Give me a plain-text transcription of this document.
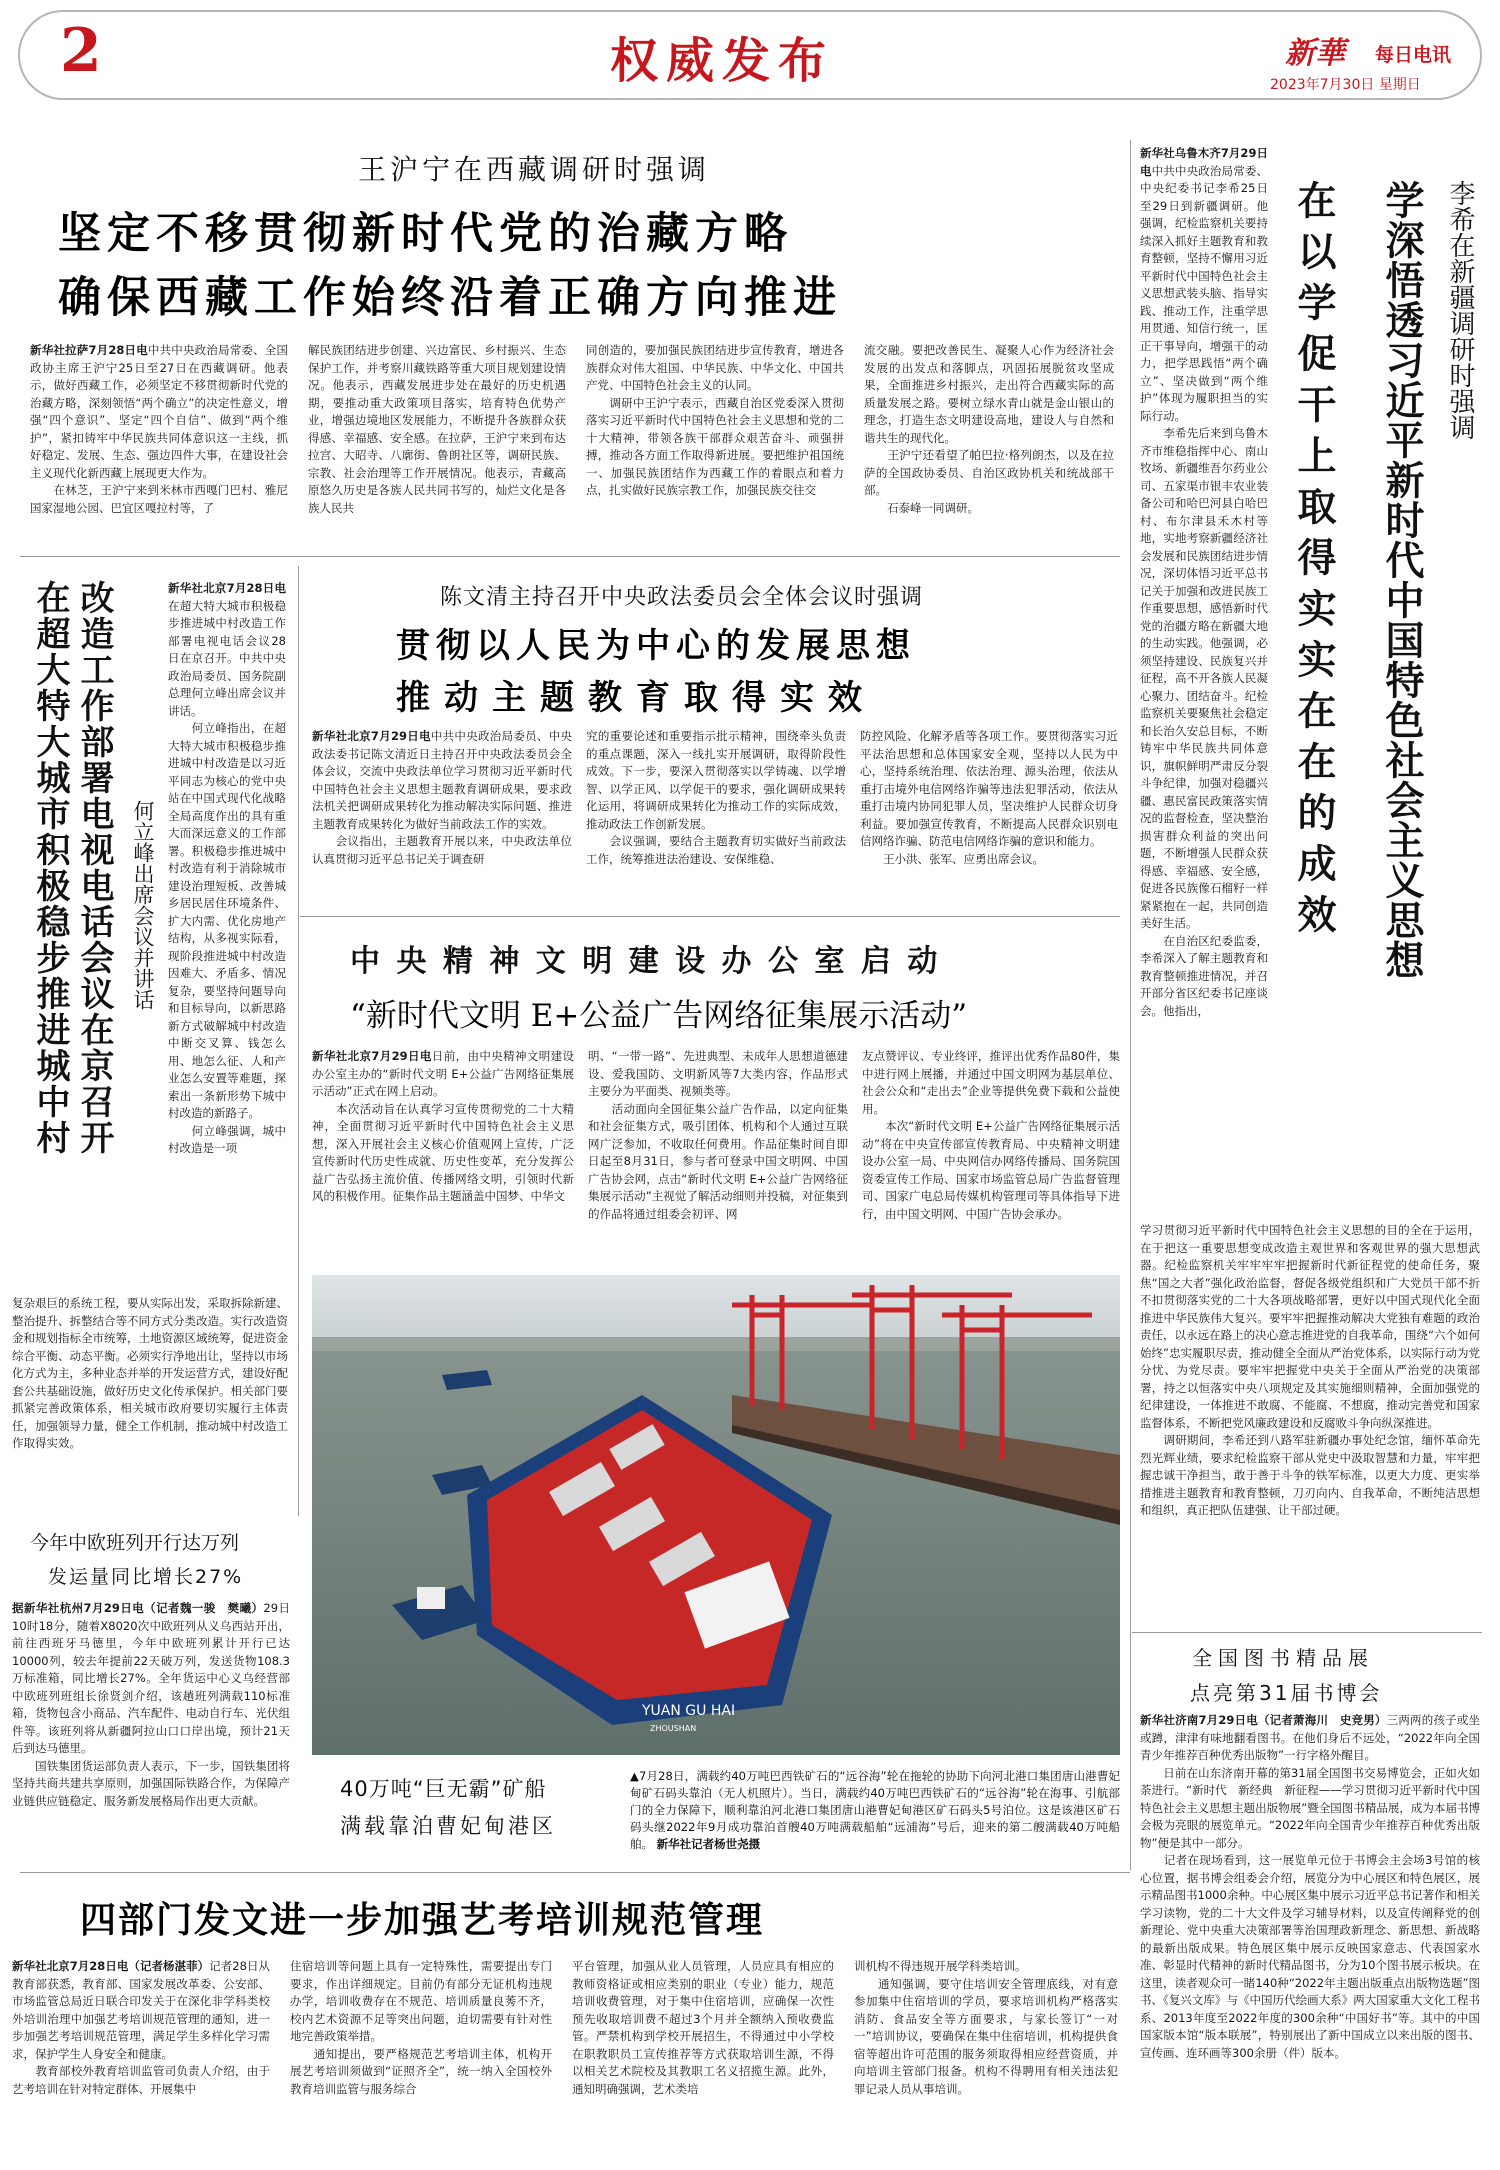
2	权威发布	新華 每日电讯
2023年7月30日 星期日
王沪宁在西藏调研时强调
坚定不移贯彻新时代党的治藏方略
确保西藏工作始终沿着正确方向推进
新华社拉萨7月28日电中共中央政治局常委、全国政协主席王沪宁25日至27日在西藏调研。他表示，做好西藏工作，必须坚定不移贯彻新时代党的治藏方略，深刻领悟“两个确立”的决定性意义，增强“四个意识”、坚定“四个自信”、做到“两个维护”，紧扣铸牢中华民族共同体意识这一主线，抓好稳定、发展、生态、强边四件大事，在建设社会主义现代化新西藏上展现更大作为。
　　在林芝，王沪宁来到米林市西嘎门巴村、雅尼国家湿地公园、巴宜区嘎拉村等，了
解民族团结进步创建、兴边富民、乡村振兴、生态保护工作，并考察川藏铁路等重大项目规划建设情况。他表示，西藏发展进步处在最好的历史机遇期，要推动重大政策项目落实，培育特色优势产业，增强边境地区发展能力，不断提升各族群众获得感、幸福感、安全感。在拉萨，王沪宁来到布达拉宫、大昭寺、八廓街、鲁朗社区等，调研民族、宗教、社会治理等工作开展情况。他表示，青藏高原悠久历史是各族人民共同书写的，灿烂文化是各族人民共
同创造的，要加强民族团结进步宣传教育，增进各族群众对伟大祖国、中华民族、中华文化、中国共产党、中国特色社会主义的认同。
　　调研中王沪宁表示，西藏自治区党委深入贯彻落实习近平新时代中国特色社会主义思想和党的二十大精神，带领各族干部群众艰苦奋斗、顽强拼搏，推动各方面工作取得新进展。要把维护祖国统一、加强民族团结作为西藏工作的着眼点和着力点，扎实做好民族宗教工作，加强民族交往交
流交融。要把改善民生、凝聚人心作为经济社会发展的出发点和落脚点，巩固拓展脱贫攻坚成果，全面推进乡村振兴，走出符合西藏实际的高质量发展之路。要树立绿水青山就是金山银山的理念，打造生态文明建设高地，建设人与自然和谐共生的现代化。
　　王沪宁还看望了帕巴拉·格列朗杰，以及在拉萨的全国政协委员、自治区政协机关和统战部干部。
　　石泰峰一同调研。
改造工作部署电视电话会议在京召开
在超大特大城市积极稳步推进城中村	何立峰出席会议并讲话
新华社北京7月28日电在超大特大城市积极稳步推进城中村改造工作部署电视电话会议28日在京召开。中共中央政治局委员、国务院副总理何立峰出席会议并讲话。
　　何立峰指出，在超大特大城市积极稳步推进城中村改造是以习近平同志为核心的党中央站在中国式现代化战略全局高度作出的具有重大而深远意义的工作部署。积极稳步推进城中村改造有利于消除城市建设治理短板、改善城乡居民居住环境条件、扩大内需、优化房地产结构，从多视实际看，现阶段推进城中村改造因难大、矛盾多、情况复杂，要坚持问题导向和目标导向，以新思路新方式破解城中村改造中断交叉算、钱怎么用、地怎么征、人和产业怎么安置等难题，探索出一条新形势下城中村改造的新路子。
　　何立峰强调，城中村改造是一项
复杂艰巨的系统工程，要从实际出发，采取拆除新建、整治提升、拆整结合等不同方式分类改造。实行改造资金和规划指标全市统筹，土地资源区域统筹，促进资金综合平衡、动态平衡。必须实行净地出让，坚持以市场化方式为主，多种业态并举的开发运营方式，建设好配套公共基础设施，做好历史文化传承保护。相关部门要抓紧完善政策体系，相关城市政府要切实履行主体责任，加强领导力量，健全工作机制，推动城中村改造工作取得实效。
陈文清主持召开中央政法委员会全体会议时强调
贯彻以人民为中心的发展思想
推动主题教育取得实效
新华社北京7月29日电中共中央政治局委员、中央政法委书记陈文清近日主持召开中央政法委员会全体会议，交流中央政法单位学习贯彻习近平新时代中国特色社会主义思想主题教育调研成果，要求政法机关把调研成果转化为推动解决实际问题、推进主题教育成果转化为做好当前政法工作的实效。
　　会议指出，主题教育开展以来，中央政法单位认真贯彻习近平总书记关于调查研
究的重要论述和重要指示批示精神，围绕牵头负责的重点课题，深入一线扎实开展调研，取得阶段性成效。下一步，要深入贯彻落实以学铸魂、以学增智、以学正风、以学促干的要求，强化调研成果转化运用，将调研成果转化为推动工作的实际成效，推动政法工作创新发展。
　　会议强调，要结合主题教育切实做好当前政法工作，统筹推进法治建设、安保维稳、
防控风险、化解矛盾等各项工作。要贯彻落实习近平法治思想和总体国家安全观，坚持以人民为中心，坚持系统治理、依法治理、源头治理，依法从重打击境外电信网络诈骗等违法犯罪活动，依法从重打击境内协同犯罪人员，坚决维护人民群众切身利益。要加强宣传教育，不断提高人民群众识别电信网络诈骗、防范电信网络诈骗的意识和能力。
　　王小洪、张军、应勇出席会议。
中 央 精 神 文 明 建 设 办 公 室 启 动
“新时代文明 E+公益广告网络征集展示活动”
新华社北京7月29日电日前，由中央精神文明建设办公室主办的“新时代文明 E+公益广告网络征集展示活动”正式在网上启动。
　　本次活动旨在认真学习宣传贯彻党的二十大精神，全面贯彻习近平新时代中国特色社会主义思想，深入开展社会主义核心价值观网上宣传，广泛宣传新时代历史性成就、历史性变革，充分发挥公益广告弘扬主流价值、传播网络文明，引领时代新风的积极作用。征集作品主题涵盖中国梦、中华文
明、“一带一路”、先进典型、未成年人思想道德建设、爱我国防、文明新风等7大类内容，作品形式主要分为平面类、视频类等。
　　活动面向全国征集公益广告作品，以定向征集和社会征集方式，吸引团体、机构和个人通过互联网广泛参加，不收取任何费用。作品征集时间自即日起至8月31日，参与者可登录中国文明网、中国广告协会网，点击“新时代文明 E+公益广告网络征集展示活动”主视觉了解活动细则并投稿，对征集到的作品将通过组委会初评、网
友点赞评议、专业终评，推评出优秀作品80件，集中进行网上展播，并通过中国文明网为基层单位、社会公众和“走出去”企业等提供免费下载和公益使用。
　　本次“新时代文明 E+公益广告网络征集展示活动”将在中央宣传部宣传教育局、中央精神文明建设办公室一局、中央网信办网络传播局、国务院国资委宣传工作局、国家市场监管总局广告监督管理司、国家广电总局传媒机构管理司等具体指导下进行，由中国文明网、中国广告协会承办。
YUAN GU HAI
ZHOUSHAN
40万吨“巨无霸”矿船
满载靠泊曹妃甸港区
▲7月28日，满载约40万吨巴西铁矿石的“远谷海”轮在拖轮的协助下向河北港口集团唐山港曹妃甸矿石码头靠泊（无人机照片）。当日，满载约40万吨巴西铁矿石的“远谷海”轮在海事、引航部门的全力保障下，顺利靠泊河北港口集团唐山港曹妃甸港区矿石码头5号泊位。这是该港区矿石码头继2022年9月成功靠泊首艘40万吨满载船舶“远浦海”号后，迎来的第二艘满载40万吨船舶。 新华社记者杨世尧摄
今年中欧班列开行达万列
发运量同比增长27%
据新华社杭州7月29日电（记者魏一骏　樊曦）29日10时18分，随着X8020次中欧班列从义乌西站开出，前往西班牙马德里，今年中欧班列累计开行已达10000列，较去年提前22天破万列，发送货物108.3万标准箱，同比增长27%。全年货运中心义乌经营部中欧班列班组长徐贤剑介绍，该趟班列满载110标准箱，货物包含小商品、汽车配件、电动自行车、光伏组件等。该班列将从新疆阿拉山口口岸出境，预计21天后到达马德里。
　　国铁集团货运部负责人表示，下一步，国铁集团将坚持共商共建共享原则，加强国际铁路合作，为保障产业链供应链稳定、服务新发展格局作出更大贡献。
李希在新疆调研时强调
学深悟透习近平新时代中国特色社会主义思想
在以学促干上取得实实在在的成效
新华社乌鲁木齐7月29日电中共中央政治局常委、中央纪委书记李希25日至29日到新疆调研。他强调，纪检监察机关要持续深入抓好主题教育和教育整顿，坚持不懈用习近平新时代中国特色社会主义思想武装头脑、指导实践、推动工作，注重学思用贯通、知信行统一，匡正干事导向，增强干的动力，把学思践悟“两个确立”、坚决做到“两个维护”体现为履职担当的实际行动。
　　李希先后来到乌鲁木齐市维稳指挥中心、南山牧场、新疆维吾尔药业公司、五家渠市银丰农业装备公司和哈巴河县白哈巴村、布尔津县禾木村等地，实地考察新疆经济社会发展和民族团结进步情况，深切体悟习近平总书记关于加强和改进民族工作重要思想，感悟新时代党的治疆方略在新疆大地的生动实践。他强调，必须坚持建设、民族复兴并征程，高不开各族人民凝心聚力、团结奋斗。纪检监察机关要聚焦社会稳定和长治久安总目标，不断铸牢中华民族共同体意识，旗帜鲜明严肃反分裂斗争纪律，加强对稳疆兴疆、惠民富民政策落实情况的监督检查，坚决整治损害群众利益的突出问题，不断增强人民群众获得感、幸福感、安全感，促进各民族像石榴籽一样紧紧抱在一起，共同创造美好生活。
　　在自治区纪委监委，李希深入了解主题教育和教育整顿推进情况，并召开部分省区纪委书记座谈会。他指出，
学习贯彻习近平新时代中国特色社会主义思想的目的全在于运用，在于把这一重要思想变成改造主观世界和客观世界的强大思想武器。纪检监察机关牢牢牢牢把握新时代新征程党的使命任务，聚焦“国之大者”强化政治监督，督促各级党组织和广大党员干部不折不扣贯彻落实党的二十大各项战略部署，更好以中国式现代化全面推进中华民族伟大复兴。要牢牢把握推动解决大党独有难题的政治责任，以永远在路上的决心意志推进党的自我革命，围绕“六个如何始终”忠实履职尽责，推动健全全面从严治党体系，以实际行动为党分忧、为党尽责。要牢牢把握党中央关于全面从严治党的决策部署，持之以恒落实中央八项规定及其实施细则精神，全面加强党的纪律建设，一体推进不敢腐、不能腐、不想腐，推动完善党和国家监督体系，不断把党风廉政建设和反腐败斗争向纵深推进。
　　调研期间，李希还到八路军驻新疆办事处纪念馆，缅怀革命先烈光辉业绩，要求纪检监察干部从党史中汲取智慧和力量，牢牢把握忠诚干净担当，敢于善于斗争的铁军标准，以更大力度、更实举措推进主题教育和教育整顿，刀刃向内、自我革命，不断纯洁思想和组织，真正把队伍建强、让干部过硬。
全国图书精品展
点亮第31届书博会
新华社济南7月29日电（记者萧海川　史竞男）三两两的孩子或坐或蹲，津津有味地翻看图书。在他们身后不远处，“2022年向全国青少年推荐百种优秀出版物”一行字格外醒目。
　　日前在山东济南开幕的第31届全国图书交易博览会，正如火如荼进行。“新时代　新经典　新征程——学习贯彻习近平新时代中国特色社会主义思想主题出版物展”暨全国图书精品展，成为本届书博会极为亮眼的展览单元。“2022年向全国青少年推荐百种优秀出版物”便是其中一部分。
　　记者在现场看到，这一展览单元位于书博会主会场3号馆的核心位置，据书博会组委会介绍，展览分为中心展区和特色展区，展示精品图书1000余种。中心展区集中展示习近平总书记著作和相关学习读物，党的二十大文件及学习辅导材料，以及宣传阐释党的创新理论、党中央重大决策部署等治国理政新理念、新思想、新战略的最新出版成果。特色展区集中展示反映国家意志、代表国家水准、彰显时代精神的新时代精品图书，分为10个图书展示板块。在这里，读者观众可一睹140种“2022年主题出版重点出版物选题”图书、《复兴文库》与《中国历代绘画大系》两大国家重大文化工程书系、2013年度至2022年度的300余种“中国好书”等。其中的中国国家版本馆“版本联展”，特别展出了新中国成立以来出版的图书、宣传画、连环画等300余册（件）版本。
四部门发文进一步加强艺考培训规范管理
新华社北京7月28日电（记者杨湛菲）记者28日从教育部获悉，教育部、国家发展改革委、公安部、市场监管总局近日联合印发关于在深化非学科类校外培训治理中加强艺考培训规范管理的通知，进一步加强艺考培训规范管理，满足学生多样化学习需求，保护学生人身安全和健康。
　　教育部校外教育培训监管司负责人介绍，由于艺考培训在针对特定群体、开展集中
住宿培训等问题上具有一定特殊性，需要提出专门要求，作出详细规定。目前仍有部分无证机构违规办学，培训收费存在不规范、培训质量良莠不齐，校内艺术资源不足等突出问题，迫切需要有针对性地完善政策举措。
　　通知提出，要严格规范艺考培训主体，机构开展艺考培训须做到“证照齐全”，统一纳入全国校外教育培训监管与服务综合
平台管理，加强从业人员管理，人员应具有相应的教师资格证或相应类别的职业（专业）能力，规范培训收费管理，对于集中住宿培训，应确保一次性预先收取培训费不超过3个月并全额纳入预收费监管。严禁机构到学校开展招生，不得通过中小学校在职教职员工宣传推荐等方式获取培训生源，不得以相关艺术院校及其教职工名义招揽生源。此外，通知明确强调，艺术类培
训机构不得违规开展学科类培训。
　　通知强调，要守住培训安全管理底线，对有意参加集中住宿培训的学员，要求培训机构严格落实消防、食品安全等方面要求，与家长签订“一对一”培训协议，要确保在集中住宿培训，机构提供食宿等超出许可范围的服务须取得相应经营资质，并向培训主管部门报备。机构不得聘用有相关违法犯罪记录人员从事培训。
